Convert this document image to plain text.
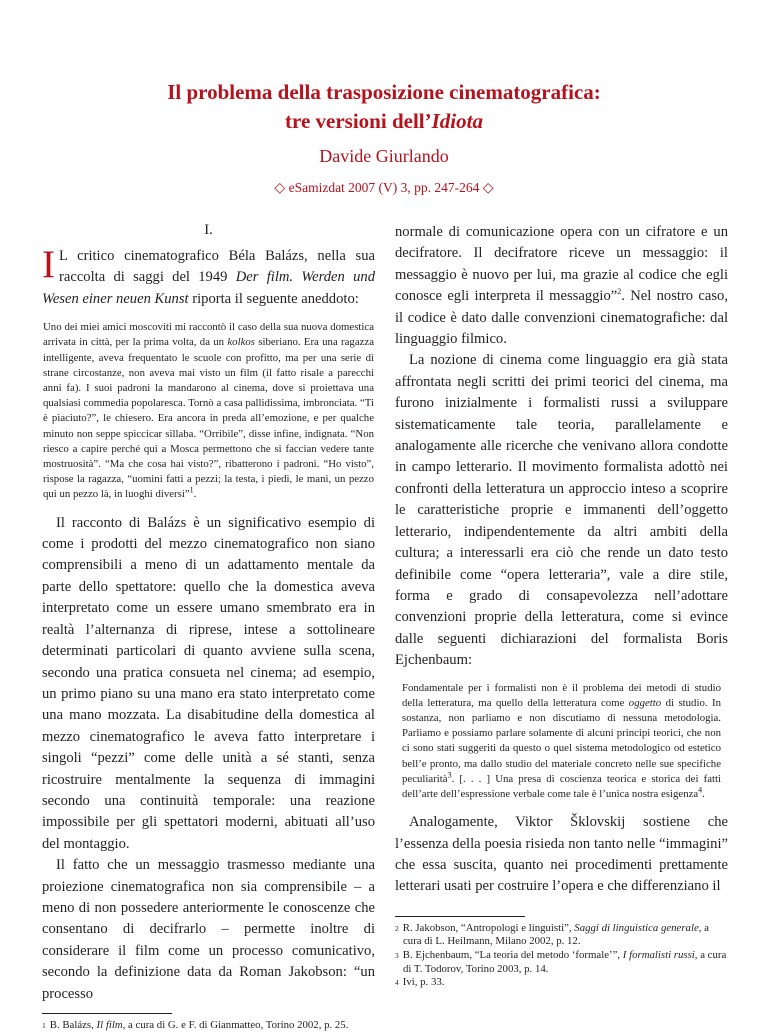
Il problema della trasposizione cinematografica:
tre versioni dell’Idiota
Davide Giurlando
◇ eSamizdat 2007 (V) 3, pp. 247-264 ◇
I.

I L critico cinematografico Béla Balázs, nella sua raccolta di saggi del 1949 Der film. Werden und Wesen einer neuen Kunst riporta il seguente aneddoto:

Uno dei miei amici moscoviti mi raccontò il caso della sua nuova domestica arrivata in città, per la prima volta, da un kolkos siberiano. Era una ragazza intelligente, aveva frequentato le scuole con profitto, ma per una serie di strane circostanze, non aveva mai visto un film (il fatto risale a parecchi anni fa). I suoi padroni la mandarono al cinema, dove si proiettava una qualsiasi commedia popolaresca. Tornò a casa pallidissima, imbronciata. “Ti è piaciuto?”, le chiesero. Era ancora in preda all’emozione, e per qualche minuto non seppe spiccicar sillaba. “Orribile”, disse infine, indignata. “Non riesco a capire perché qui a Mosca permettono che si faccian vedere tante mostruosità”. “Ma che cosa hai visto?”, ribatterono i padroni. “Ho visto”, rispose la ragazza, “uomini fatti a pezzi; la testa, i piedi, le mani, un pezzo qui un pezzo là, in luoghi diversi”$^1$.

Il racconto di Balázs è un significativo esempio di come i prodotti del mezzo cinematografico non siano comprensibili a meno di un adattamento mentale da parte dello spettatore: quello che la domestica aveva interpretato come un essere umano smembrato era in realtà l’alternanza di riprese, intese a sottolineare determinati particolari di quanto avviene sulla scena, secondo una pratica consueta nel cinema; ad esempio, un primo piano su una mano era stato interpretato come una mano mozzata. La disabitudine della domestica al mezzo cinematografico le aveva fatto interpretare i singoli “pezzi” come delle unità a sé stanti, senza ricostruire mentalmente la sequenza di immagini secondo una continuità temporale: una reazione impossibile per gli spettatori moderni, abituati all’uso del montaggio.

Il fatto che un messaggio trasmesso mediante una proiezione cinematografica non sia comprensibile – a meno di non possedere anteriormente le conoscenze che consentano di decifrarlo – permette inoltre di considerare il film come un processo comunicativo, secondo la definizione data da Roman Jakobson: “un processo

$^1$ B. Balázs, Il film, a cura di G. e F. di Gianmatteo, Torino 2002, p. 25.

normale di comunicazione opera con un cifratore e un decifratore. Il decifratore riceve un messaggio: il messaggio è nuovo per lui, ma grazie al codice che egli conosce egli interpreta il messaggio”$^2$. Nel nostro caso, il codice è dato dalle convenzioni cinematografiche: dal linguaggio filmico.

La nozione di cinema come linguaggio era già stata affrontata negli scritti dei primi teorici del cinema, ma furono inizialmente i formalisti russi a sviluppare sistematicamente tale teoria, parallelamente e analogamente alle ricerche che venivano allora condotte in campo letterario. Il movimento formalista adottò nei confronti della letteratura un approccio inteso a scoprire le caratteristiche proprie e immanenti dell’oggetto letterario, indipendentemente da altri ambiti della cultura; a interessarli era ciò che rende un dato testo definibile come “opera letteraria”, vale a dire stile, forma e grado di consapevolezza nell’adottare convenzioni proprie della letteratura, come si evince dalle seguenti dichiarazioni del formalista Boris Ejchenbaum:

Fondamentale per i formalisti non è il problema dei metodi di studio della letteratura, ma quello della letteratura come oggetto di studio. In sostanza, non parliamo e non discutiamo di nessuna metodologia. Parliamo e possiamo parlare solamente di alcuni principi teorici, che non ci sono stati suggeriti da questo o quel sistema metodologico od estetico bell’e pronto, ma dallo studio del materiale concreto nelle sue specifiche peculiarità$^3$. [. . . ] Una presa di coscienza teorica e storica dei fatti dell’arte dell’espressione verbale come tale è l’unica nostra esigenza$^4$.

Analogamente, Viktor Šklovskij sostiene che l’essenza della poesia risieda non tanto nelle “immagini” che essa suscita, quanto nei procedimenti prettamente letterari usati per costruire l’opera e che differenziano il

$^2$ R. Jakobson, “Antropologi e linguisti”, Saggi di linguistica generale, a cura di L. Heilmann, Milano 2002, p. 12.
$^3$ B. Ejchenbaum, “La teoria del metodo ‘formale’”, I formalisti russi, a cura di T. Todorov, Torino 2003, p. 14.
$^4$ Ivi, p. 33.
